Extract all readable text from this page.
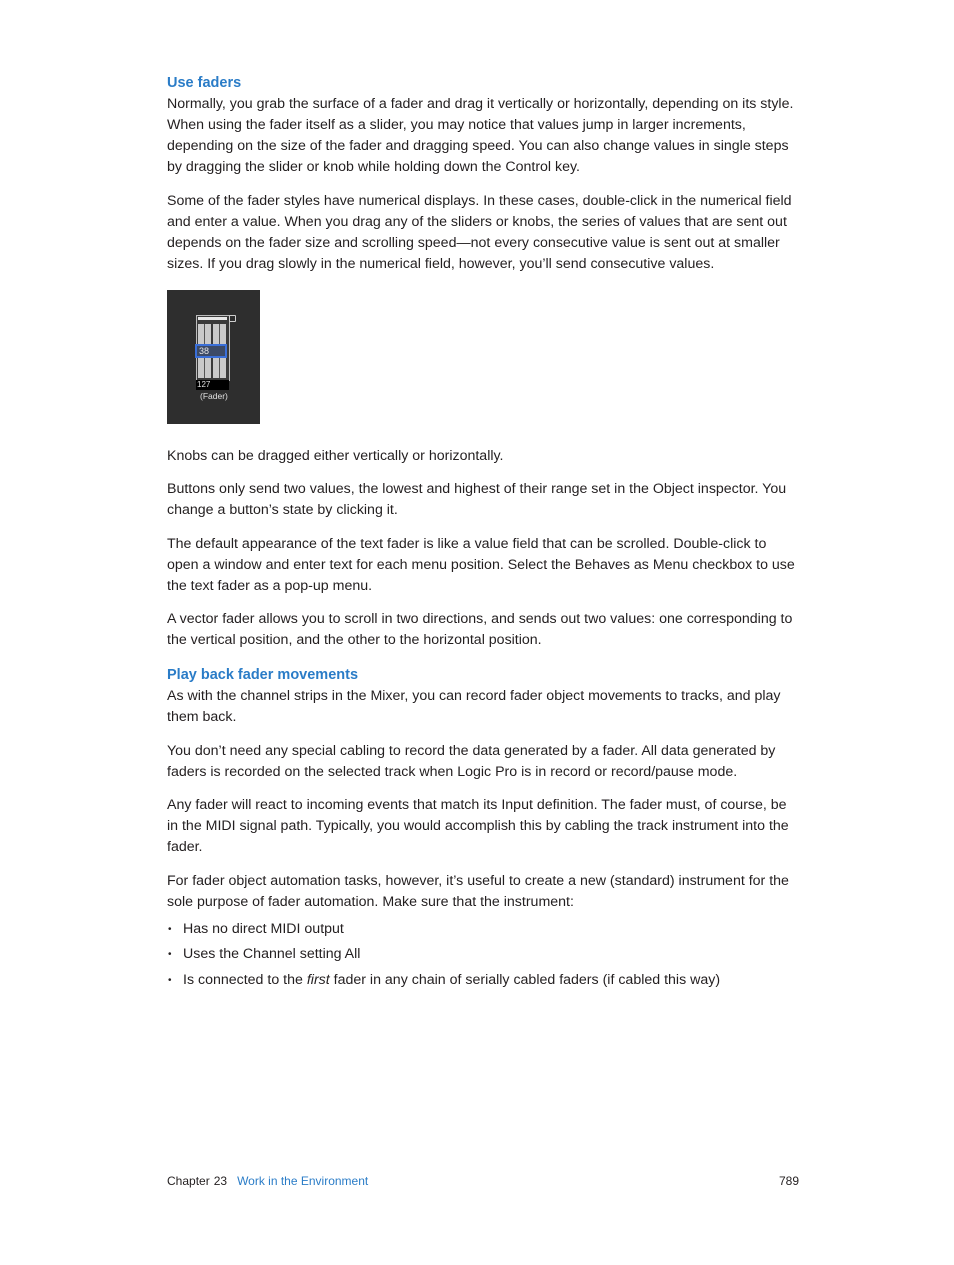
Use faders

Normally, you grab the surface of a fader and drag it vertically or horizontally, depending on its style. When using the fader itself as a slider, you may notice that values jump in larger increments, depending on the size of the fader and dragging speed. You can also change values in single steps by dragging the slider or knob while holding down the Control key.

Some of the fader styles have numerical displays. In these cases, double-click in the numerical field and enter a value. When you drag any of the sliders or knobs, the series of values that are sent out depends on the fader size and scrolling speed—not every consecutive value is sent out at smaller sizes. If you drag slowly in the numerical field, however, you’ll send consecutive values.

38
127
(Fader)

Knobs can be dragged either vertically or horizontally.

Buttons only send two values, the lowest and highest of their range set in the Object inspector. You change a button’s state by clicking it.

The default appearance of the text fader is like a value field that can be scrolled. Double-click to open a window and enter text for each menu position. Select the Behaves as Menu checkbox to use the text fader as a pop-up menu.

A vector fader allows you to scroll in two directions, and sends out two values: one corresponding to the vertical position, and the other to the horizontal position.

Play back fader movements

As with the channel strips in the Mixer, you can record fader object movements to tracks, and play them back.

You don’t need any special cabling to record the data generated by a fader. All data generated by faders is recorded on the selected track when Logic Pro is in record or record/pause mode.

Any fader will react to incoming events that match its Input definition. The fader must, of course, be in the MIDI signal path. Typically, you would accomplish this by cabling the track instrument into the fader.

For fader object automation tasks, however, it’s useful to create a new (standard) instrument for the sole purpose of fader automation. Make sure that the instrument:

• Has no direct MIDI output
• Uses the Channel setting All
• Is connected to the first fader in any chain of serially cabled faders (if cabled this way)
Chapter 23 Work in the Environment	789
